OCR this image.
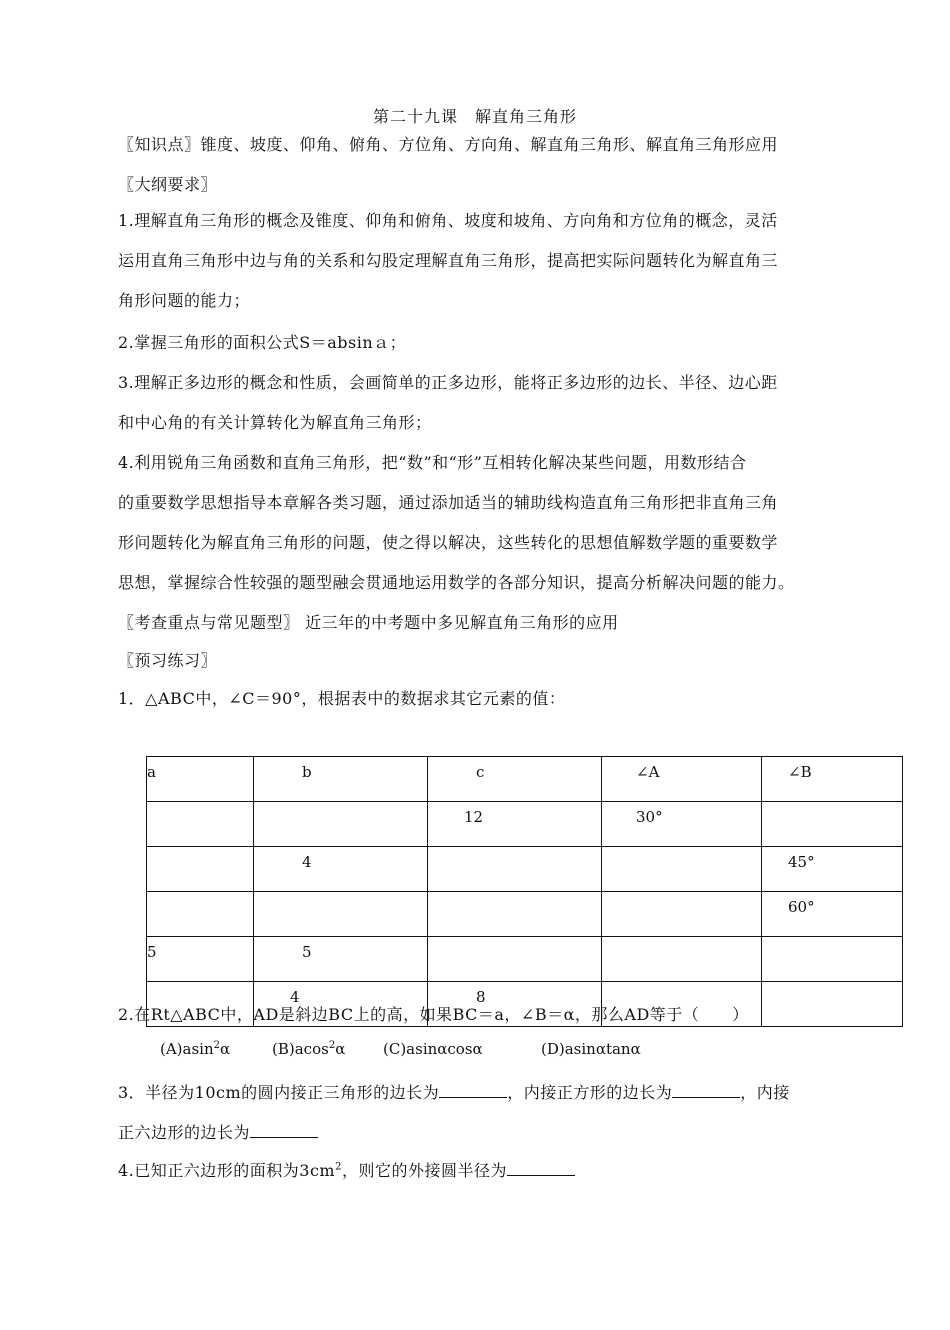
第二十九课　解直角三角形
〖知识点〗锥度、坡度、仰角、俯角、方位角、方向角、解直角三角形、解直角三角形应用
〖大纲要求〗
1.理解直角三角形的概念及锥度、仰角和俯角、坡度和坡角、方向角和方位角的概念，灵活
运用直角三角形中边与角的关系和勾股定理解直角三角形，提高把实际问题转化为解直角三
角形问题的能力；
2.掌握三角形的面积公式S＝absinａ；
3.理解正多边形的概念和性质，会画简单的正多边形，能将正多边形的边长、半径、边心距
和中心角的有关计算转化为解直角三角形；
4.利用锐角三角函数和直角三角形，把“数”和“形”互相转化解决某些问题，用数形结合
的重要数学思想指导本章解各类习题，通过添加适当的辅助线构造直角三角形把非直角三角
形问题转化为解直角三角形的问题，使之得以解决，这些转化的思想值解数学题的重要数学
思想，掌握综合性较强的题型融会贯通地运用数学的各部分知识，提高分析解决问题的能力。
〖考查重点与常见题型〗 近三年的中考题中多见解直角三角形的应用
〖预习练习〗
1．△ABC中，∠C＝90°，根据表中的数据求其它元素的值：
a	b	c	∠A	∠B
		12	30°	
	4			45°
				60°
5	5			
	4	8		
2.在Rt△ABC中，AD是斜边BC上的高，如果BC＝a，∠B＝α，那么AD等于（　　）
(A)asin$^2$α	(B)acos$^2$α	(C)asinαcosα	(D)asinαtanα
3．半径为10cm的圆内接正三角形的边长为	，内接正方形的边长为	，内接
正六边形的边长为
4.已知正六边形的面积为$3cm^2$，则它的外接圆半径为
